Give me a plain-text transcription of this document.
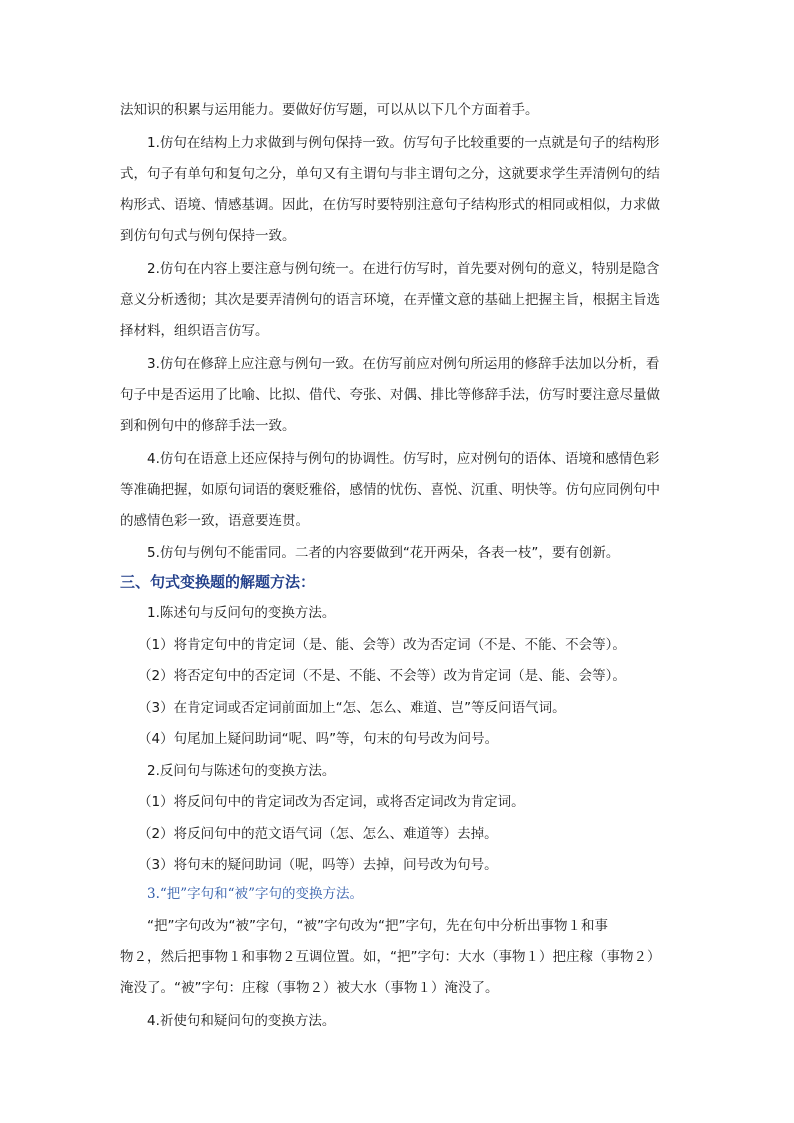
法知识的积累与运用能力。要做好仿写题，可以从以下几个方面着手。
1.仿句在结构上力求做到与例句保持一致。仿写句子比较重要的一点就是句子的结构形
式，句子有单句和复句之分，单句又有主谓句与非主谓句之分，这就要求学生弄清例句的结
构形式、语境、情感基调。因此，在仿写时要特别注意句子结构形式的相同或相似，力求做
到仿句句式与例句保持一致。
2.仿句在内容上要注意与例句统一。在进行仿写时，首先要对例句的意义，特别是隐含
意义分析透彻；其次是要弄清例句的语言环境，在弄懂文意的基础上把握主旨，根据主旨选
择材料，组织语言仿写。
3.仿句在修辞上应注意与例句一致。在仿写前应对例句所运用的修辞手法加以分析，看
句子中是否运用了比喻、比拟、借代、夸张、对偶、排比等修辞手法，仿写时要注意尽量做
到和例句中的修辞手法一致。
4.仿句在语意上还应保持与例句的协调性。仿写时，应对例句的语体、语境和感情色彩
等准确把握，如原句词语的褒贬雅俗，感情的忧伤、喜悦、沉重、明快等。仿句应同例句中
的感情色彩一致，语意要连贯。
5.仿句与例句不能雷同。二者的内容要做到“花开两朵，各表一枝”，要有创新。
三、句式变换题的解题方法：
1.陈述句与反问句的变换方法。
（1）将肯定句中的肯定词（是、能、会等）改为否定词（不是、不能、不会等）。
（2）将否定句中的否定词（不是、不能、不会等）改为肯定词（是、能、会等）。
（3）在肯定词或否定词前面加上“怎、怎么、难道、岂”等反问语气词。
（4）句尾加上疑问助词“呢、吗”等，句末的句号改为问号。
2.反问句与陈述句的变换方法。
（1）将反问句中的肯定词改为否定词，或将否定词改为肯定词。
（2）将反问句中的范文语气词（怎、怎么、难道等）去掉。
（3）将句末的疑问助词（呢，吗等）去掉，问号改为句号。
3.“把”字句和“被”字句的变换方法。
“把”字句改为“被”字句，“被”字句改为“把”字句，先在句中分析出事物１和事
物２，然后把事物１和事物２互调位置。如，“把”字句：大水（事物１）把庄稼（事物２）
淹没了。“被”字句：庄稼（事物２）被大水（事物１）淹没了。
4.祈使句和疑问句的变换方法。
